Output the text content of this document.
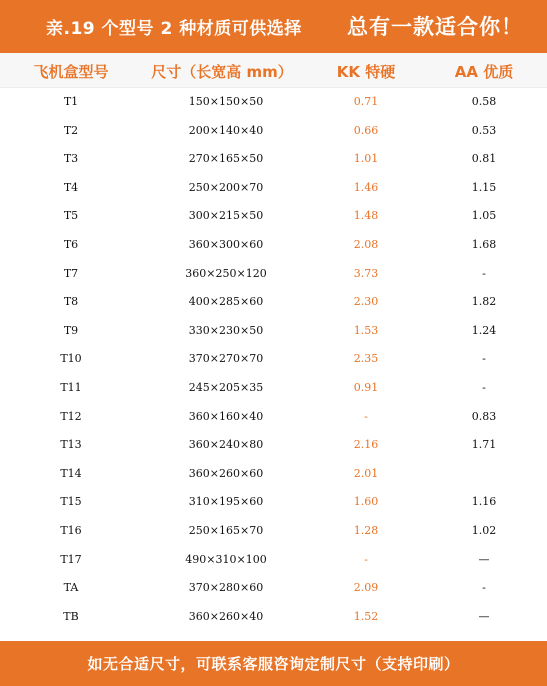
亲.19 个型号 2 种材质可供选择 总有一款适合你！
飞机盒型号	尺寸（长宽高 mm）	KK 特硬	AA 优质
T1	150×150×50	0.71	0.58
T2	200×140×40	0.66	0.53
T3	270×165×50	1.01	0.81
T4	250×200×70	1.46	1.15
T5	300×215×50	1.48	1.05
T6	360×300×60	2.08	1.68
T7	360×250×120	3.73	-
T8	400×285×60	2.30	1.82
T9	330×230×50	1.53	1.24
T10	370×270×70	2.35	-
T11	245×205×35	0.91	-
T12	360×160×40	-	0.83
T13	360×240×80	2.16	1.71
T14	360×260×60	2.01
T15	310×195×60	1.60	1.16
T16	250×165×70	1.28	1.02
T17	490×310×100	-	—
TA	370×280×60	2.09	-
TB	360×260×40	1.52	—
如无合适尺寸，可联系客服咨询定制尺寸（支持印刷）
